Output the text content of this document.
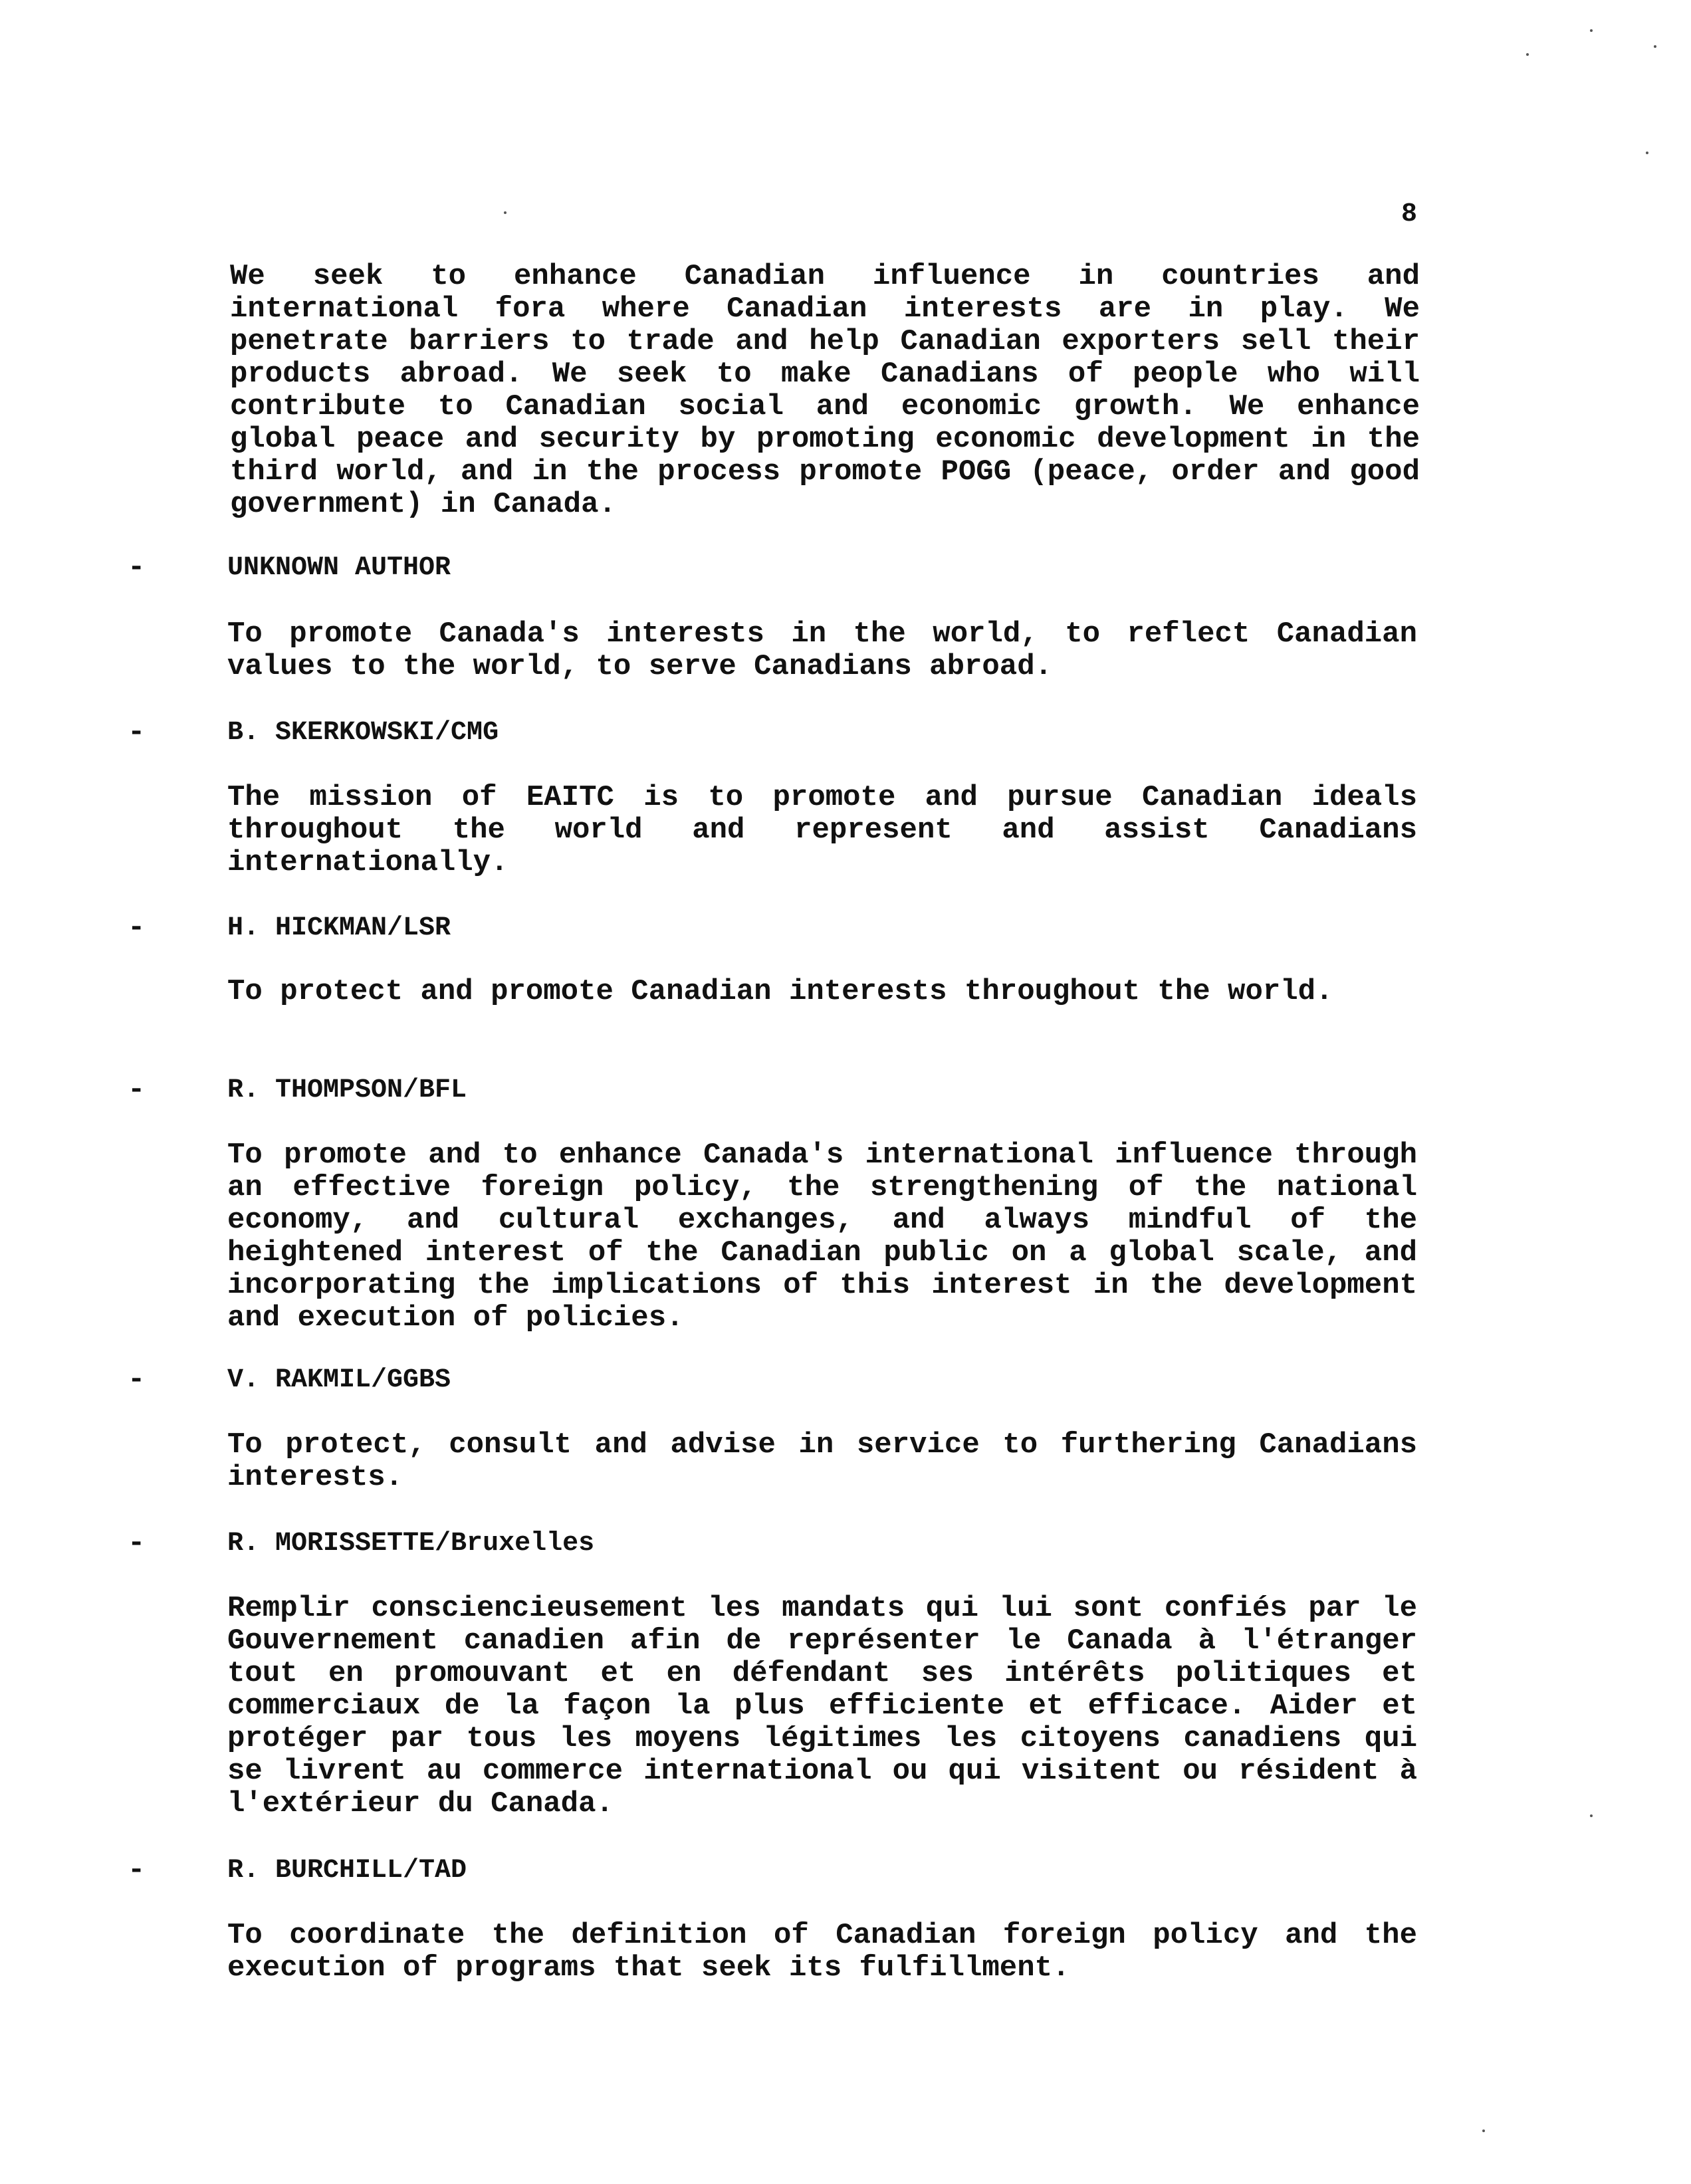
8

We seek to enhance Canadian influence in countries and international fora where Canadian interests are in play. We penetrate barriers to trade and help Canadian exporters sell their products abroad. We seek to make Canadians of people who will contribute to Canadian social and economic growth. We enhance global peace and security by promoting economic development in the third world, and in the process promote POGG (peace, order and good government) in Canada.

-	UNKNOWN AUTHOR

To promote Canada's interests in the world, to reflect Canadian values to the world, to serve Canadians abroad.

-	B. SKERKOWSKI/CMG

The mission of EAITC is to promote and pursue Canadian ideals throughout the world and represent and assist Canadians internationally.

-	H. HICKMAN/LSR

To protect and promote Canadian interests throughout the world.

-	R. THOMPSON/BFL

To promote and to enhance Canada's international influence through an effective foreign policy, the strengthening of the national economy, and cultural exchanges, and always mindful of the heightened interest of the Canadian public on a global scale, and incorporating the implications of this interest in the development and execution of policies.

-	V. RAKMIL/GGBS

To protect, consult and advise in service to furthering Canadians interests.

-	R. MORISSETTE/Bruxelles

Remplir consciencieusement les mandats qui lui sont confiés par le Gouvernement canadien afin de représenter le Canada à l'étranger tout en promouvant et en défendant ses intérêts politiques et commerciaux de la façon la plus efficiente et efficace. Aider et protéger par tous les moyens légitimes les citoyens canadiens qui se livrent au commerce international ou qui visitent ou résident à l'extérieur du Canada.

-	R. BURCHILL/TAD

To coordinate the definition of Canadian foreign policy and the execution of programs that seek its fulfillment.
